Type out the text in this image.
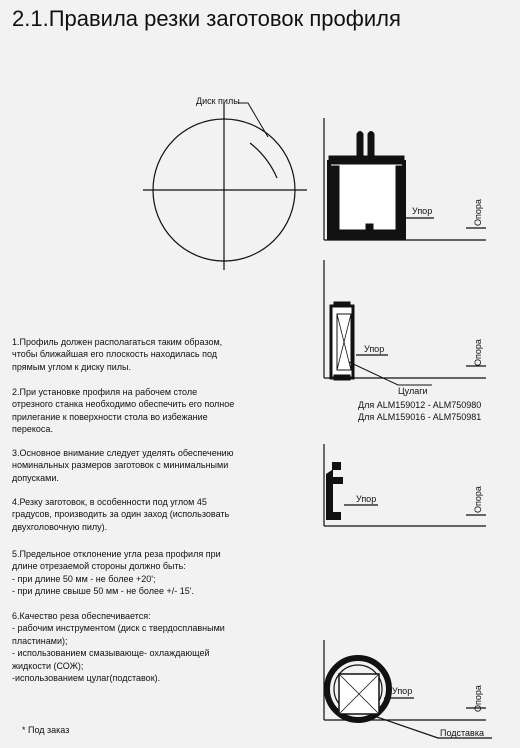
2.1.Правила резки заготовок профиля
Диск пилы
Упор	Опора
Упор	Опора
Цулаги
Для ALM159012 - ALM750980
Для ALM159016 - ALM750981
Упор	Опора
Упор	Опора
Подставка
1.Профиль должен располагаться таким образом,
чтобы ближайшая его плоскость находилась под
прямым углом к диску пилы.
2.При установке профиля на рабочем столе
отрезного станка необходимо обеспечить его полное
прилегание к поверхности стола во избежание
перекоса.
3.Основное внимание следует уделять обеспечению
номинальных размеров заготовок с минимальными
допусками.
4.Резку заготовок, в особенности под углом 45
градусов, производить за один заход (использовать
двухголовочную пилу).
5.Предельное отклонение угла реза профиля при
длине отрезаемой стороны должно быть:
- при длине 50 мм - не более +20';
- при длине свыше 50 мм - не более +/- 15'.
6.Качество реза обеспечивается:
- рабочим инструментом (диск с твердосплавными
пластинами);
- использованием смазывающе- охлаждающей
жидкости (СОЖ);
-использованием цулаг(подставок).
* Под заказ
